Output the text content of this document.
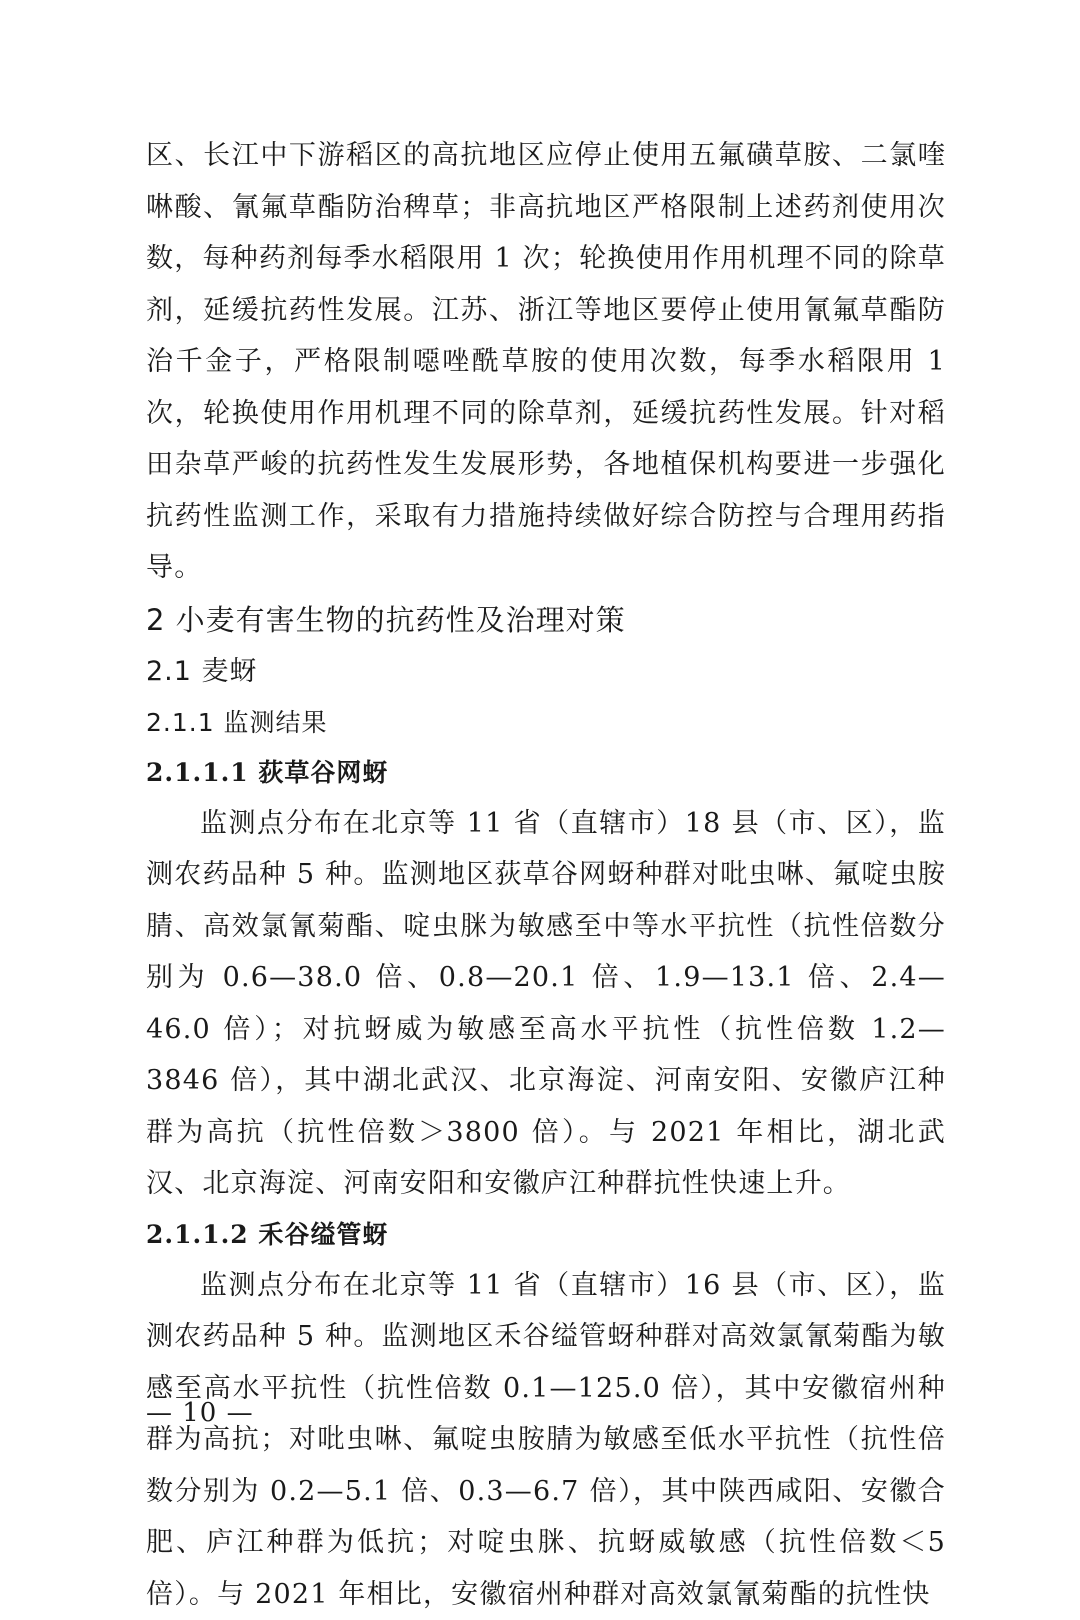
区、长江中下游稻区的高抗地区应停止使用五氟磺草胺、二氯喹啉酸、氰氟草酯防治稗草；非高抗地区严格限制上述药剂使用次数，每种药剂每季水稻限用 1 次；轮换使用作用机理不同的除草剂，延缓抗药性发展。江苏、浙江等地区要停止使用氰氟草酯防治千金子，严格限制噁唑酰草胺的使用次数，每季水稻限用 1 次，轮换使用作用机理不同的除草剂，延缓抗药性发展。针对稻田杂草严峻的抗药性发生发展形势，各地植保机构要进一步强化抗药性监测工作，采取有力措施持续做好综合防控与合理用药指导。

2 小麦有害生物的抗药性及治理对策
2.1 麦蚜
2.1.1 监测结果
2.1.1.1 荻草谷网蚜

监测点分布在北京等 11 省（直辖市）18 县（市、区），监测农药品种 5 种。监测地区荻草谷网蚜种群对吡虫啉、氟啶虫胺腈、高效氯氰菊酯、啶虫脒为敏感至中等水平抗性（抗性倍数分别为 0.6—38.0 倍、0.8—20.1 倍、1.9—13.1 倍、2.4—46.0 倍）；对抗蚜威为敏感至高水平抗性（抗性倍数 1.2—3846 倍），其中湖北武汉、北京海淀、河南安阳、安徽庐江种群为高抗（抗性倍数＞3800 倍）。与 2021 年相比，湖北武汉、北京海淀、河南安阳和安徽庐江种群抗性快速上升。

2.1.1.2 禾谷缢管蚜

监测点分布在北京等 11 省（直辖市）16 县（市、区），监测农药品种 5 种。监测地区禾谷缢管蚜种群对高效氯氰菊酯为敏感至高水平抗性（抗性倍数 0.1—125.0 倍），其中安徽宿州种群为高抗；对吡虫啉、氟啶虫胺腈为敏感至低水平抗性（抗性倍数分别为 0.2—5.1 倍、0.3—6.7 倍），其中陕西咸阳、安徽合肥、庐江种群为低抗；对啶虫脒、抗蚜威敏感（抗性倍数＜5 倍）。与 2021 年相比，安徽宿州种群对高效氯氰菊酯的抗性快

— 10 —
